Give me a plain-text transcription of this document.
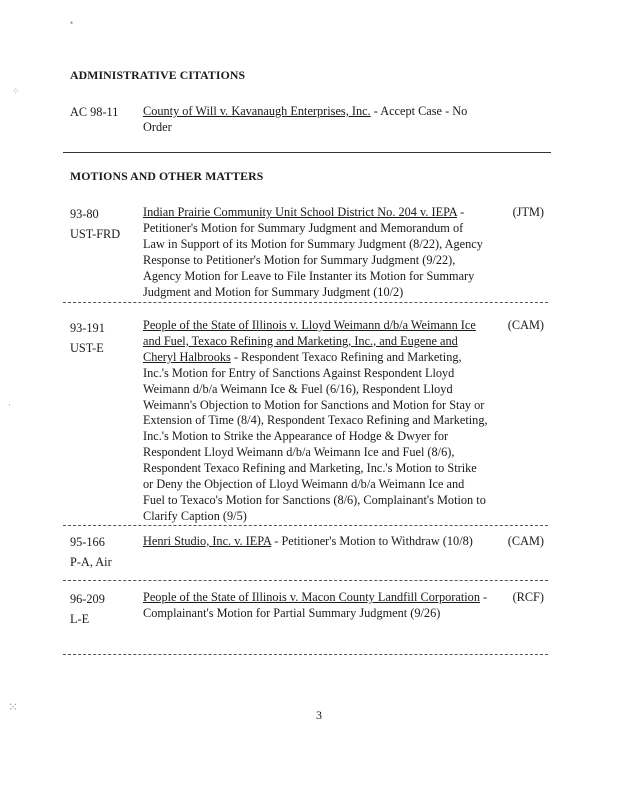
•
⁘
·
⁙
ADMINISTRATIVE CITATIONS
AC 98-11 County of Will v. Kavanaugh Enterprises, Inc. - Accept Case - No Order
MOTIONS AND OTHER MATTERS
93-80
UST-FRD
Indian Prairie Community Unit School District No. 204 v. IEPA - Petitioner's Motion for Summary Judgment and Memorandum of Law in Support of its Motion for Summary Judgment (8/22), Agency Response to Petitioner's Motion for Summary Judgment (9/22), Agency Motion for Leave to File Instanter its Motion for Summary Judgment and Motion for Summary Judgment (10/2)
(JTM)
93-191
UST-E
People of the State of Illinois v. Lloyd Weimann d/b/a Weimann Ice and Fuel, Texaco Refining and Marketing, Inc., and Eugene and Cheryl Halbrooks - Respondent Texaco Refining and Marketing, Inc.'s Motion for Entry of Sanctions Against Respondent Lloyd Weimann d/b/a Weimann Ice & Fuel (6/16), Respondent Lloyd Weimann's Objection to Motion for Sanctions and Motion for Stay or Extension of Time (8/4), Respondent Texaco Refining and Marketing, Inc.'s Motion to Strike the Appearance of Hodge & Dwyer for Respondent Lloyd Weimann d/b/a Weimann Ice and Fuel (8/6), Respondent Texaco Refining and Marketing, Inc.'s Motion to Strike or Deny the Objection of Lloyd Weimann d/b/a Weimann Ice and Fuel to Texaco's Motion for Sanctions (8/6), Complainant's Motion to Clarify Caption (9/5)
(CAM)
95-166
P-A, Air
Henri Studio, Inc. v. IEPA - Petitioner's Motion to Withdraw (10/8)	(CAM)
96-209
L-E
People of the State of Illinois v. Macon County Landfill Corporation - Complainant's Motion for Partial Summary Judgment (9/26)
(RCF)
3
